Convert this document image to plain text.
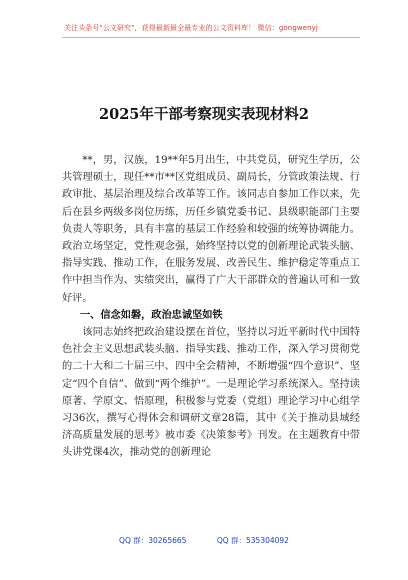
关注头条号"公文研究"，获得最新最全最专业的公文资料库！ 微信：gongwenyj
2025年干部考察现实表现材料2

**，男，汉族，19**年5月出生，中共党员，研究生学历，公共管理硕士，现任**市**区党组成员、副局长，分管政策法规、行政审批、基层治理及综合改革等工作。该同志自参加工作以来，先后在县乡两级多岗位历练，历任乡镇党委书记、县级职能部门主要负责人等职务，具有丰富的基层工作经验和较强的统筹协调能力。政治立场坚定，党性观念强，始终坚持以党的创新理论武装头脑、指导实践、推动工作，在服务发展、改善民生、维护稳定等重点工作中担当作为、实绩突出，赢得了广大干部群众的普遍认可和一致好评。

一、信念如磐，政治忠诚坚如铁

该同志始终把政治建设摆在首位，坚持以习近平新时代中国特色社会主义思想武装头脑、指导实践、推动工作，深入学习贯彻党的二十大和二十届三中、四中全会精神，不断增强“四个意识”、坚定“四个自信”、做到“两个维护”。一是理论学习系统深入。坚持读原著、学原文、悟原理，积极参与党委（党组）理论学习中心组学习36次，撰写心得体会和调研文章28篇，其中《关于推动县域经济高质量发展的思考》被市委《决策参考》刊发。在主题教育中带头讲党课4次，推动党的创新理论

QQ 群：30265665	QQ 群：535304092
